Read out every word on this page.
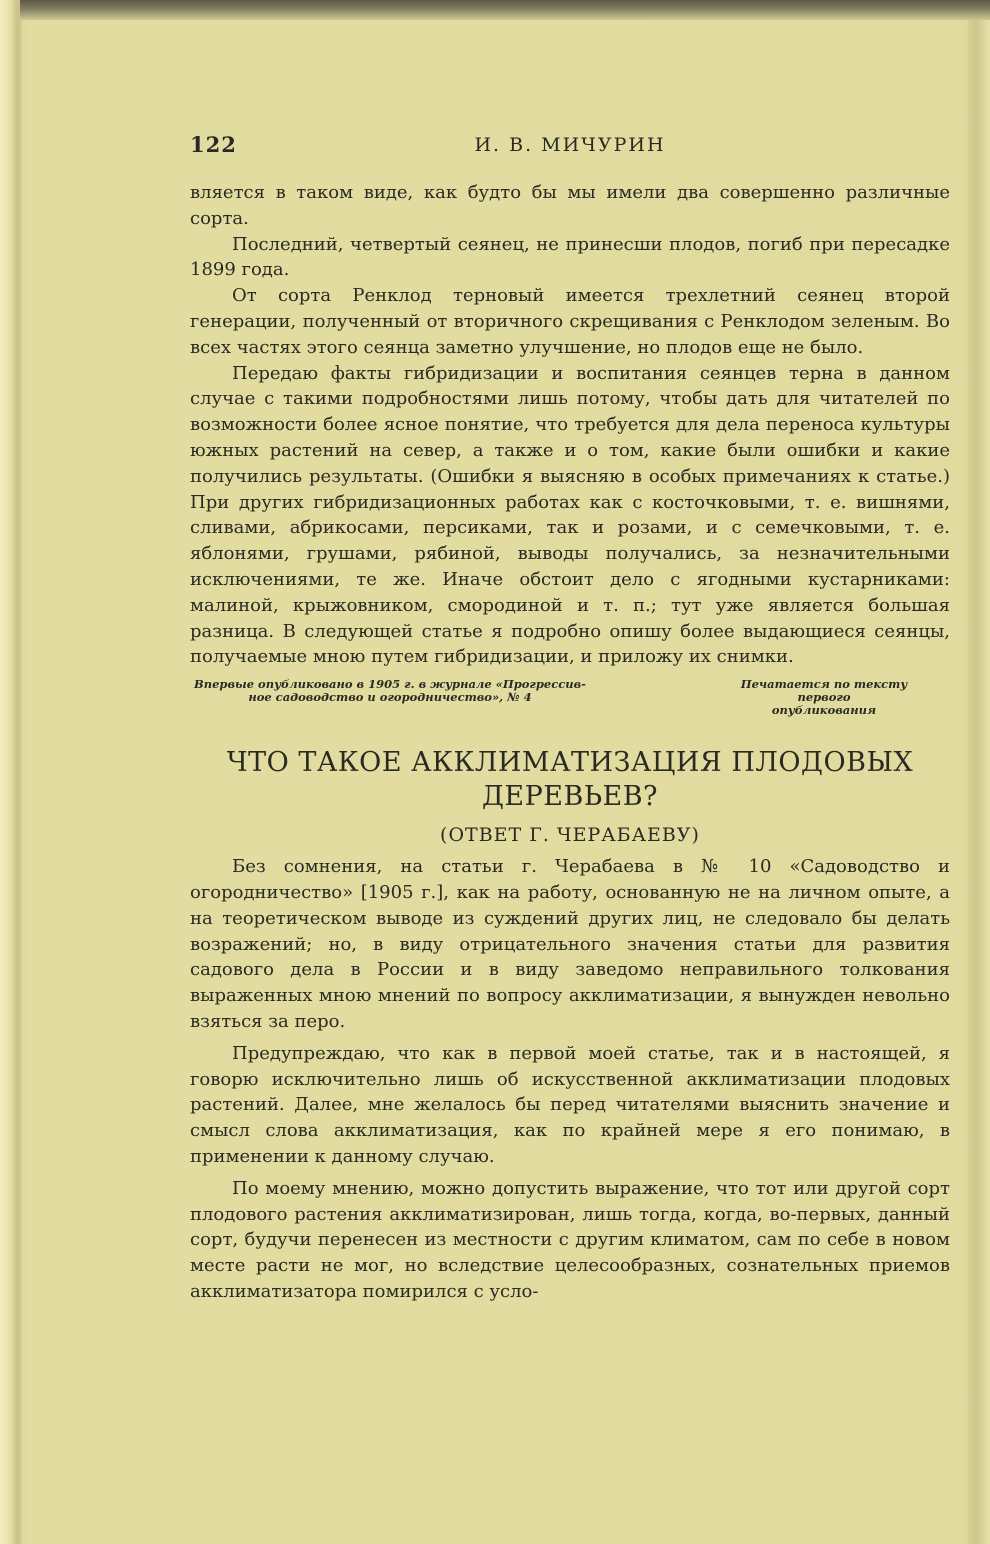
122	И. В. МИЧУРИН

вляется в таком виде, как будто бы мы имели два совершенно различные сорта.

Последний, четвертый сеянец, не принесши плодов, погиб при пересадке 1899 года.

От сорта Ренклод терновый имеется трехлетний сеянец второй генерации, полученный от вторичного скрещивания с Ренклодом зеленым. Во всех частях этого сеянца заметно улучшение, но плодов еще не было.

Передаю факты гибридизации и воспитания сеянцев терна в данном случае с такими подробностями лишь потому, чтобы дать для читателей по возможности более ясное понятие, что требуется для дела переноса культуры южных растений на север, а также и о том, какие были ошибки и какие получились результаты. (Ошибки я выясняю в особых примечаниях к статье.) При других гибридизационных работах как с косточковыми, т. е. вишнями, сливами, абрикосами, персиками, так и розами, и с семечковыми, т. е. яблонями, грушами, рябиной, выводы получались, за незначительными исключениями, те же. Иначе обстоит дело с ягодными кустарниками: малиной, крыжовником, смородиной и т. п.; тут уже является большая разница. В следующей статье я подробно опишу более выдающиеся сеянцы, получаемые мною путем гибридизации, и приложу их снимки.

Впервые опубликовано в 1905 г. в журнале «Прогрессив-
ное садоводство и огородничество», № 4
Печатается по тексту первого
опубликования
ЧТО ТАКОЕ АККЛИМАТИЗАЦИЯ ПЛОДОВЫХ
ДЕРЕВЬЕВ?
(ОТВЕТ Г. ЧЕРАБАЕВУ)

Без сомнения, на статьи г. Черабаева в № 10 «Садоводство и огородничество» [1905 г.], как на работу, основанную не на личном опыте, а на теоретическом выводе из суждений других лиц, не следовало бы делать возражений; но, в виду отрицательного значения статьи для развития садового дела в России и в виду заведомо неправильного толкования выраженных мною мнений по вопросу акклиматизации, я вынужден невольно взяться за перо.

Предупреждаю, что как в первой моей статье, так и в настоящей, я говорю исключительно лишь об искусственной акклиматизации плодовых растений. Далее, мне желалось бы перед читателями выяснить значение и смысл слова акклиматизация, как по крайней мере я его понимаю, в применении к данному случаю.

По моему мнению, можно допустить выражение, что тот или другой сорт плодового растения акклиматизирован, лишь тогда, когда, во-первых, данный сорт, будучи перенесен из местности с другим климатом, сам по себе в новом месте расти не мог, но вследствие целесообразных, сознательных приемов акклиматизатора помирился с усло-
